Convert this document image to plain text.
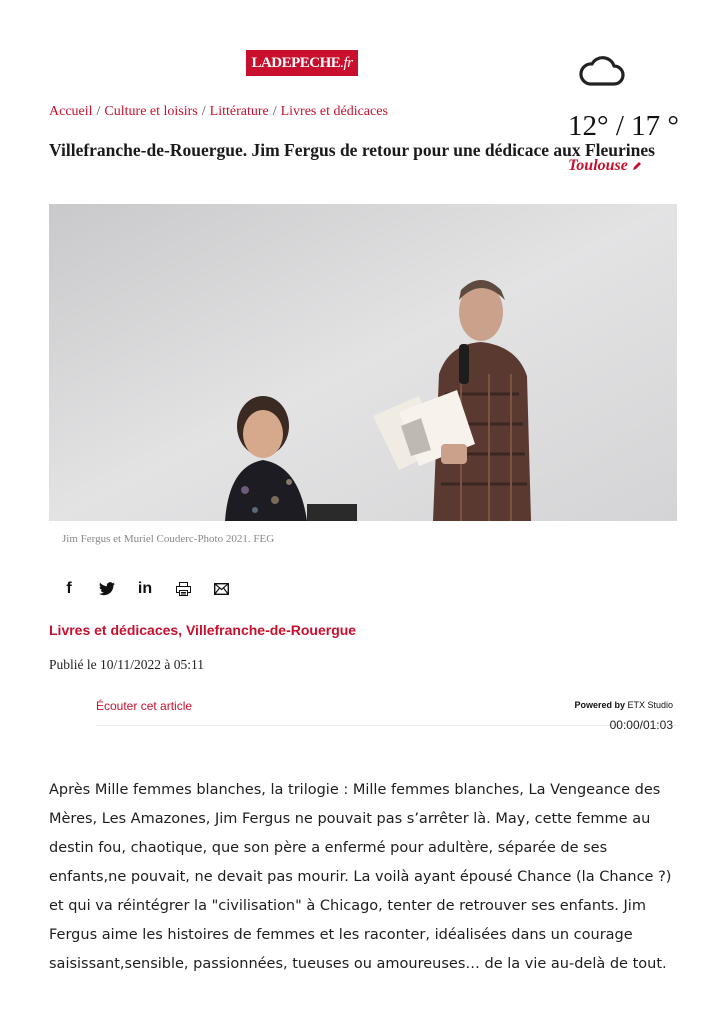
LADEPECHE.fr
12° / 17 °
Toulouse
Accueil / Culture et loisirs / Littérature / Livres et dédicaces
Villefranche-de-Rouergue. Jim Fergus de retour pour une dédicace aux Fleurines
Jim Fergus et Muriel Couderc-Photo 2021. FEG
f	in
Livres et dédicaces, Villefranche-de-Rouergue
Publié le 10/11/2022 à 05:11
Écouter cet article	Powered by ETX Studio
00:00/01:03

Après Mille femmes blanches, la trilogie : Mille femmes blanches, La Vengeance des Mères, Les Amazones, Jim Fergus ne pouvait pas s’arrêter là. May, cette femme au destin fou, chaotique, que son père a enfermé pour adultère, séparée de ses enfants,ne pouvait, ne devait pas mourir. La voilà ayant épousé Chance (la Chance ?) et qui va réintégrer la "civilisation" à Chicago, tenter de retrouver ses enfants. Jim Fergus aime les histoires de femmes et les raconter, idéalisées dans un courage saisissant,sensible, passionnées, tueuses ou amoureuses… de la vie au-delà de tout.
